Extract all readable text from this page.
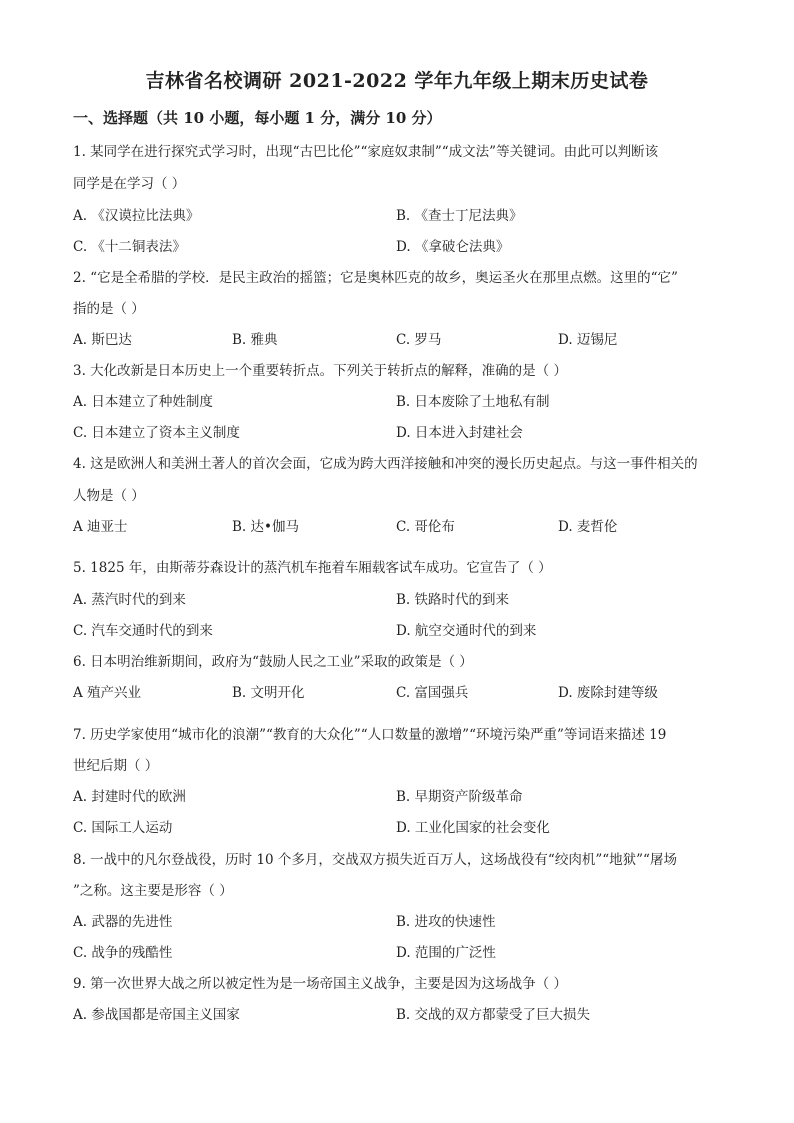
吉林省名校调研 2021-2022 学年九年级上期末历史试卷
一、选择题（共 10 小题，每小题 1 分，满分 10 分）
1. 某同学在进行探究式学习时，出现“古巴比伦”“家庭奴隶制”“成文法”等关键词。由此可以判断该
同学是在学习（ ）
A. 《汉谟拉比法典》	B. 《查士丁尼法典》
C. 《十二铜表法》	D. 《拿破仑法典》
2. “它是全希腊的学校．是民主政治的摇篮；它是奥林匹克的故乡，奥运圣火在那里点燃。这里的“它”
指的是（ ）
A. 斯巴达	B. 雅典	C. 罗马	D. 迈锡尼
3. 大化改新是日本历史上一个重要转折点。下列关于转折点的解释，准确的是（ ）
A. 日本建立了种姓制度	B. 日本废除了土地私有制
C. 日本建立了资本主义制度	D. 日本进入封建社会
4. 这是欧洲人和美洲土著人的首次会面，它成为跨大西洋接触和冲突的漫长历史起点。与这一事件相关的
人物是（ ）
A 迪亚士	B. 达•伽马	C. 哥伦布	D. 麦哲伦
5. 1825 年，由斯蒂芬森设计的蒸汽机车拖着车厢载客试车成功。它宣告了（ ）
A. 蒸汽时代的到来	B. 铁路时代的到来
C. 汽车交通时代的到来	D. 航空交通时代的到来
6. 日本明治维新期间，政府为“鼓励人民之工业”采取的政策是（ ）
A 殖产兴业	B. 文明开化	C. 富国强兵	D. 废除封建等级
7. 历史学家使用“城市化的浪潮”“教育的大众化”“人口数量的激增”“环境污染严重”等词语来描述 19
世纪后期（ ）
A. 封建时代的欧洲	B. 早期资产阶级革命
C. 国际工人运动	D. 工业化国家的社会变化
8. 一战中的凡尔登战役，历时 10 个多月，交战双方损失近百万人，这场战役有“绞肉机”“地狱”“屠场
”之称。这主要是形容（ ）
A. 武器的先进性	B. 进攻的快速性
C. 战争的残酷性	D. 范围的广泛性
9. 第一次世界大战之所以被定性为是一场帝国主义战争，主要是因为这场战争（ ）
A. 参战国都是帝国主义国家	B. 交战的双方都蒙受了巨大损失
